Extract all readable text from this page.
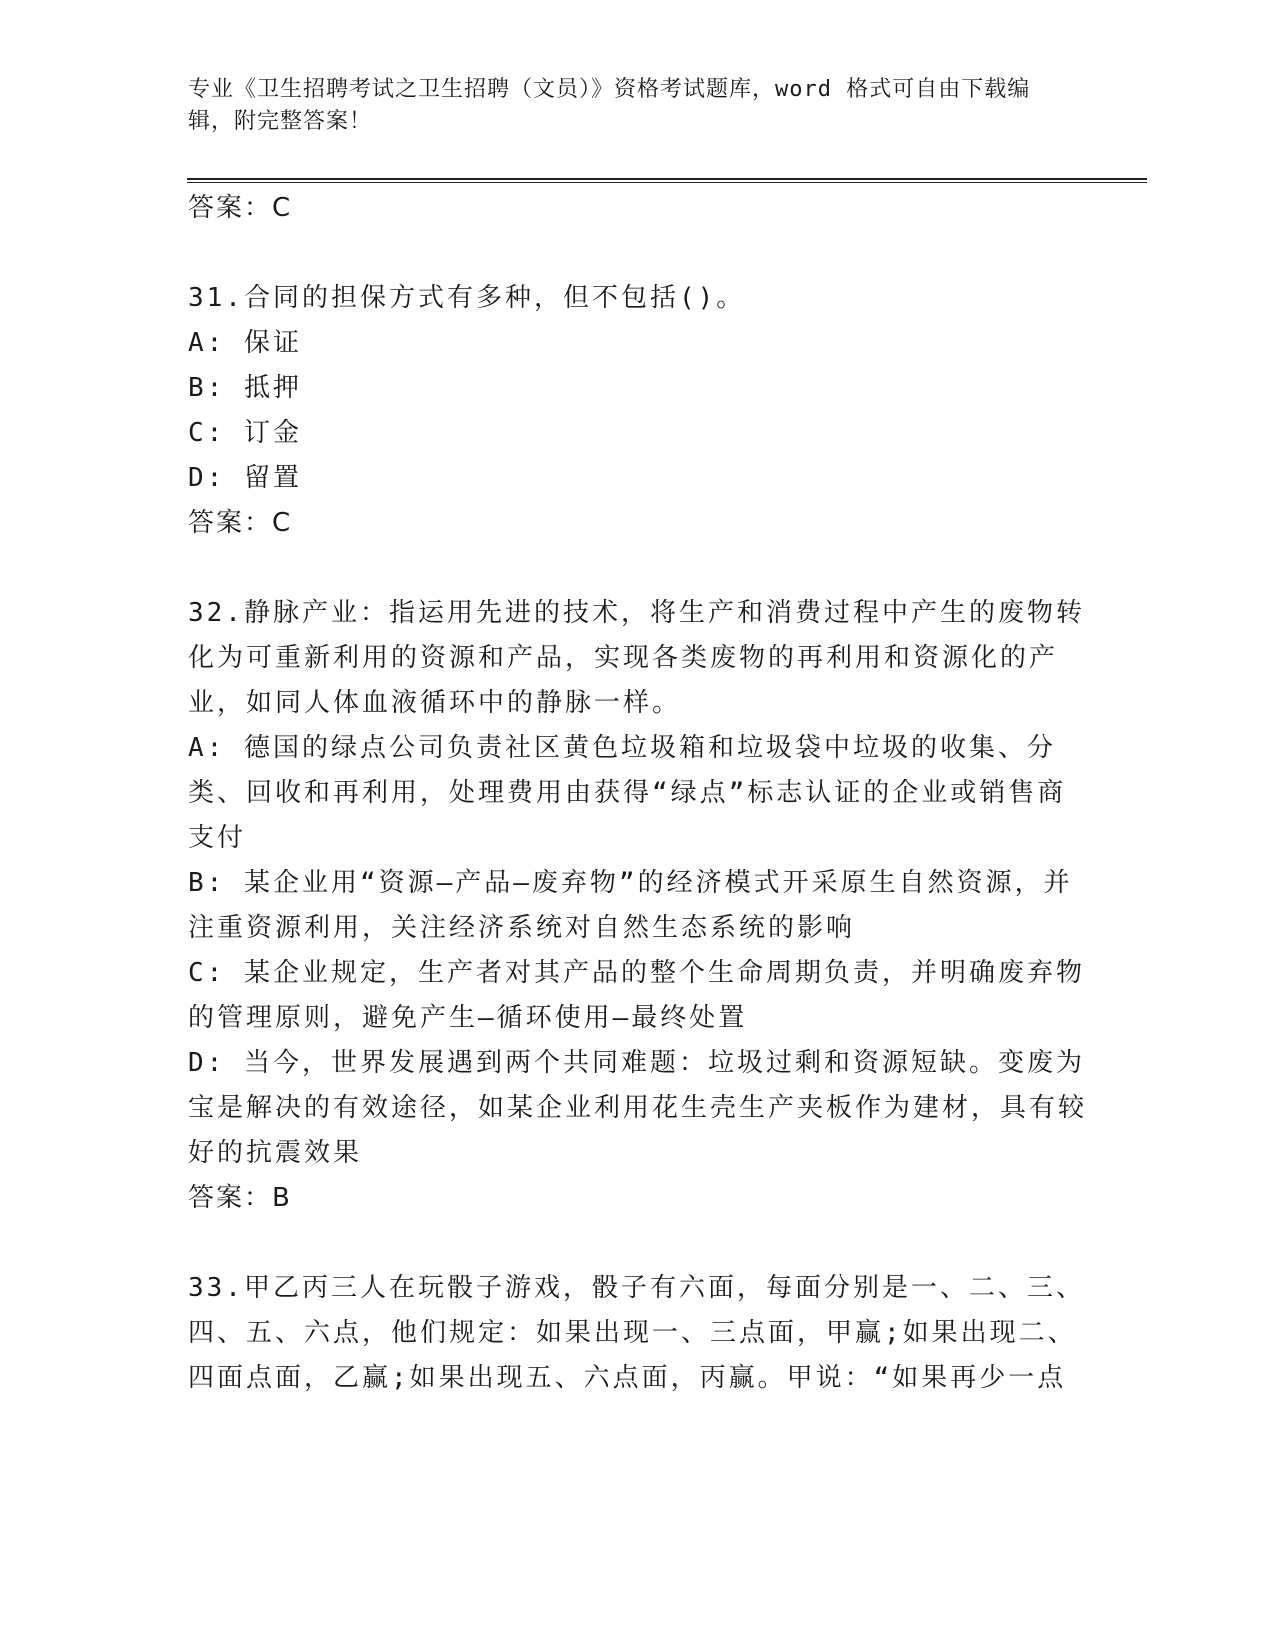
专业《卫生招聘考试之卫生招聘（文员）》资格考试题库，word 格式可自由下载编辑，附完整答案！

答案：C

31.合同的担保方式有多种，但不包括()。

A: 保证

B: 抵押

C: 订金

D: 留置

答案：C

32.静脉产业：指运用先进的技术，将生产和消费过程中产生的废物转化为可重新利用的资源和产品，实现各类废物的再利用和资源化的产业，如同人体血液循环中的静脉一样。

A: 德国的绿点公司负责社区黄色垃圾箱和垃圾袋中垃圾的收集、分类、回收和再利用，处理费用由获得“绿点”标志认证的企业或销售商支付

B: 某企业用“资源—产品—废弃物”的经济模式开采原生自然资源，并注重资源利用，关注经济系统对自然生态系统的影响

C: 某企业规定，生产者对其产品的整个生命周期负责，并明确废弃物的管理原则，避免产生—循环使用—最终处置

D: 当今，世界发展遇到两个共同难题：垃圾过剩和资源短缺。变废为宝是解决的有效途径，如某企业利用花生壳生产夹板作为建材，具有较好的抗震效果

答案：B

33.甲乙丙三人在玩骰子游戏，骰子有六面，每面分别是一、二、三、四、五、六点，他们规定：如果出现一、三点面，甲赢;如果出现二、四面点面，乙赢;如果出现五、六点面，丙赢。甲说：“如果再少一点
